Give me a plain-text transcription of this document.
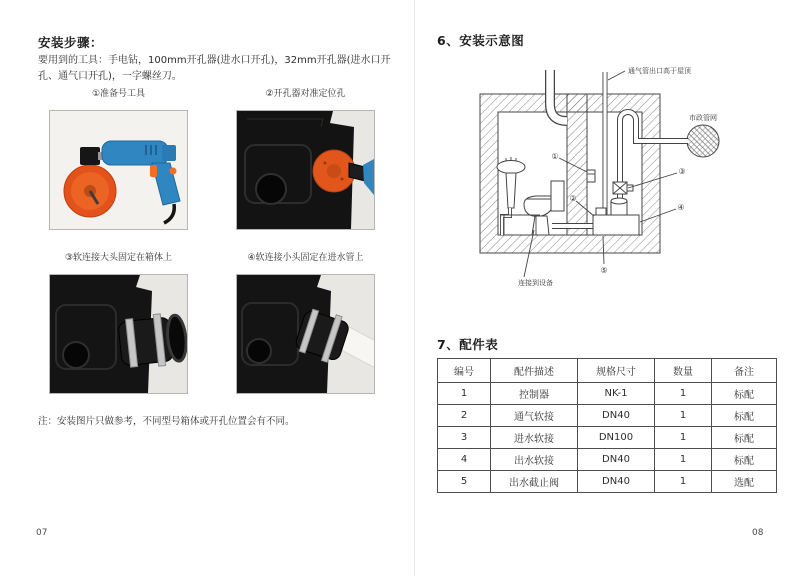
安装步骤：
要用到的工具：手电钻，100mm开孔器(进水口开孔)，32mm开孔器(进水口开孔、通气口开孔)，一字螺丝刀。
①准备号工具	②开孔器对准定位孔
③软连接大头固定在箱体上	④软连接小头固定在进水管上
注：安装图片只做参考，不同型号箱体或开孔位置会有不同。
07
6、安装示意图
①
②
③
④
⑤
通气管出口高于屋顶
市政管网
连接到设备
7、配件表
编号	配件描述	规格尺寸	数量	备注
1	控制器	NK-1	1	标配
2	通气软接	DN40	1	标配
3	进水软接	DN100	1	标配
4	出水软接	DN40	1	标配
5	出水截止阀	DN40	1	选配
08
